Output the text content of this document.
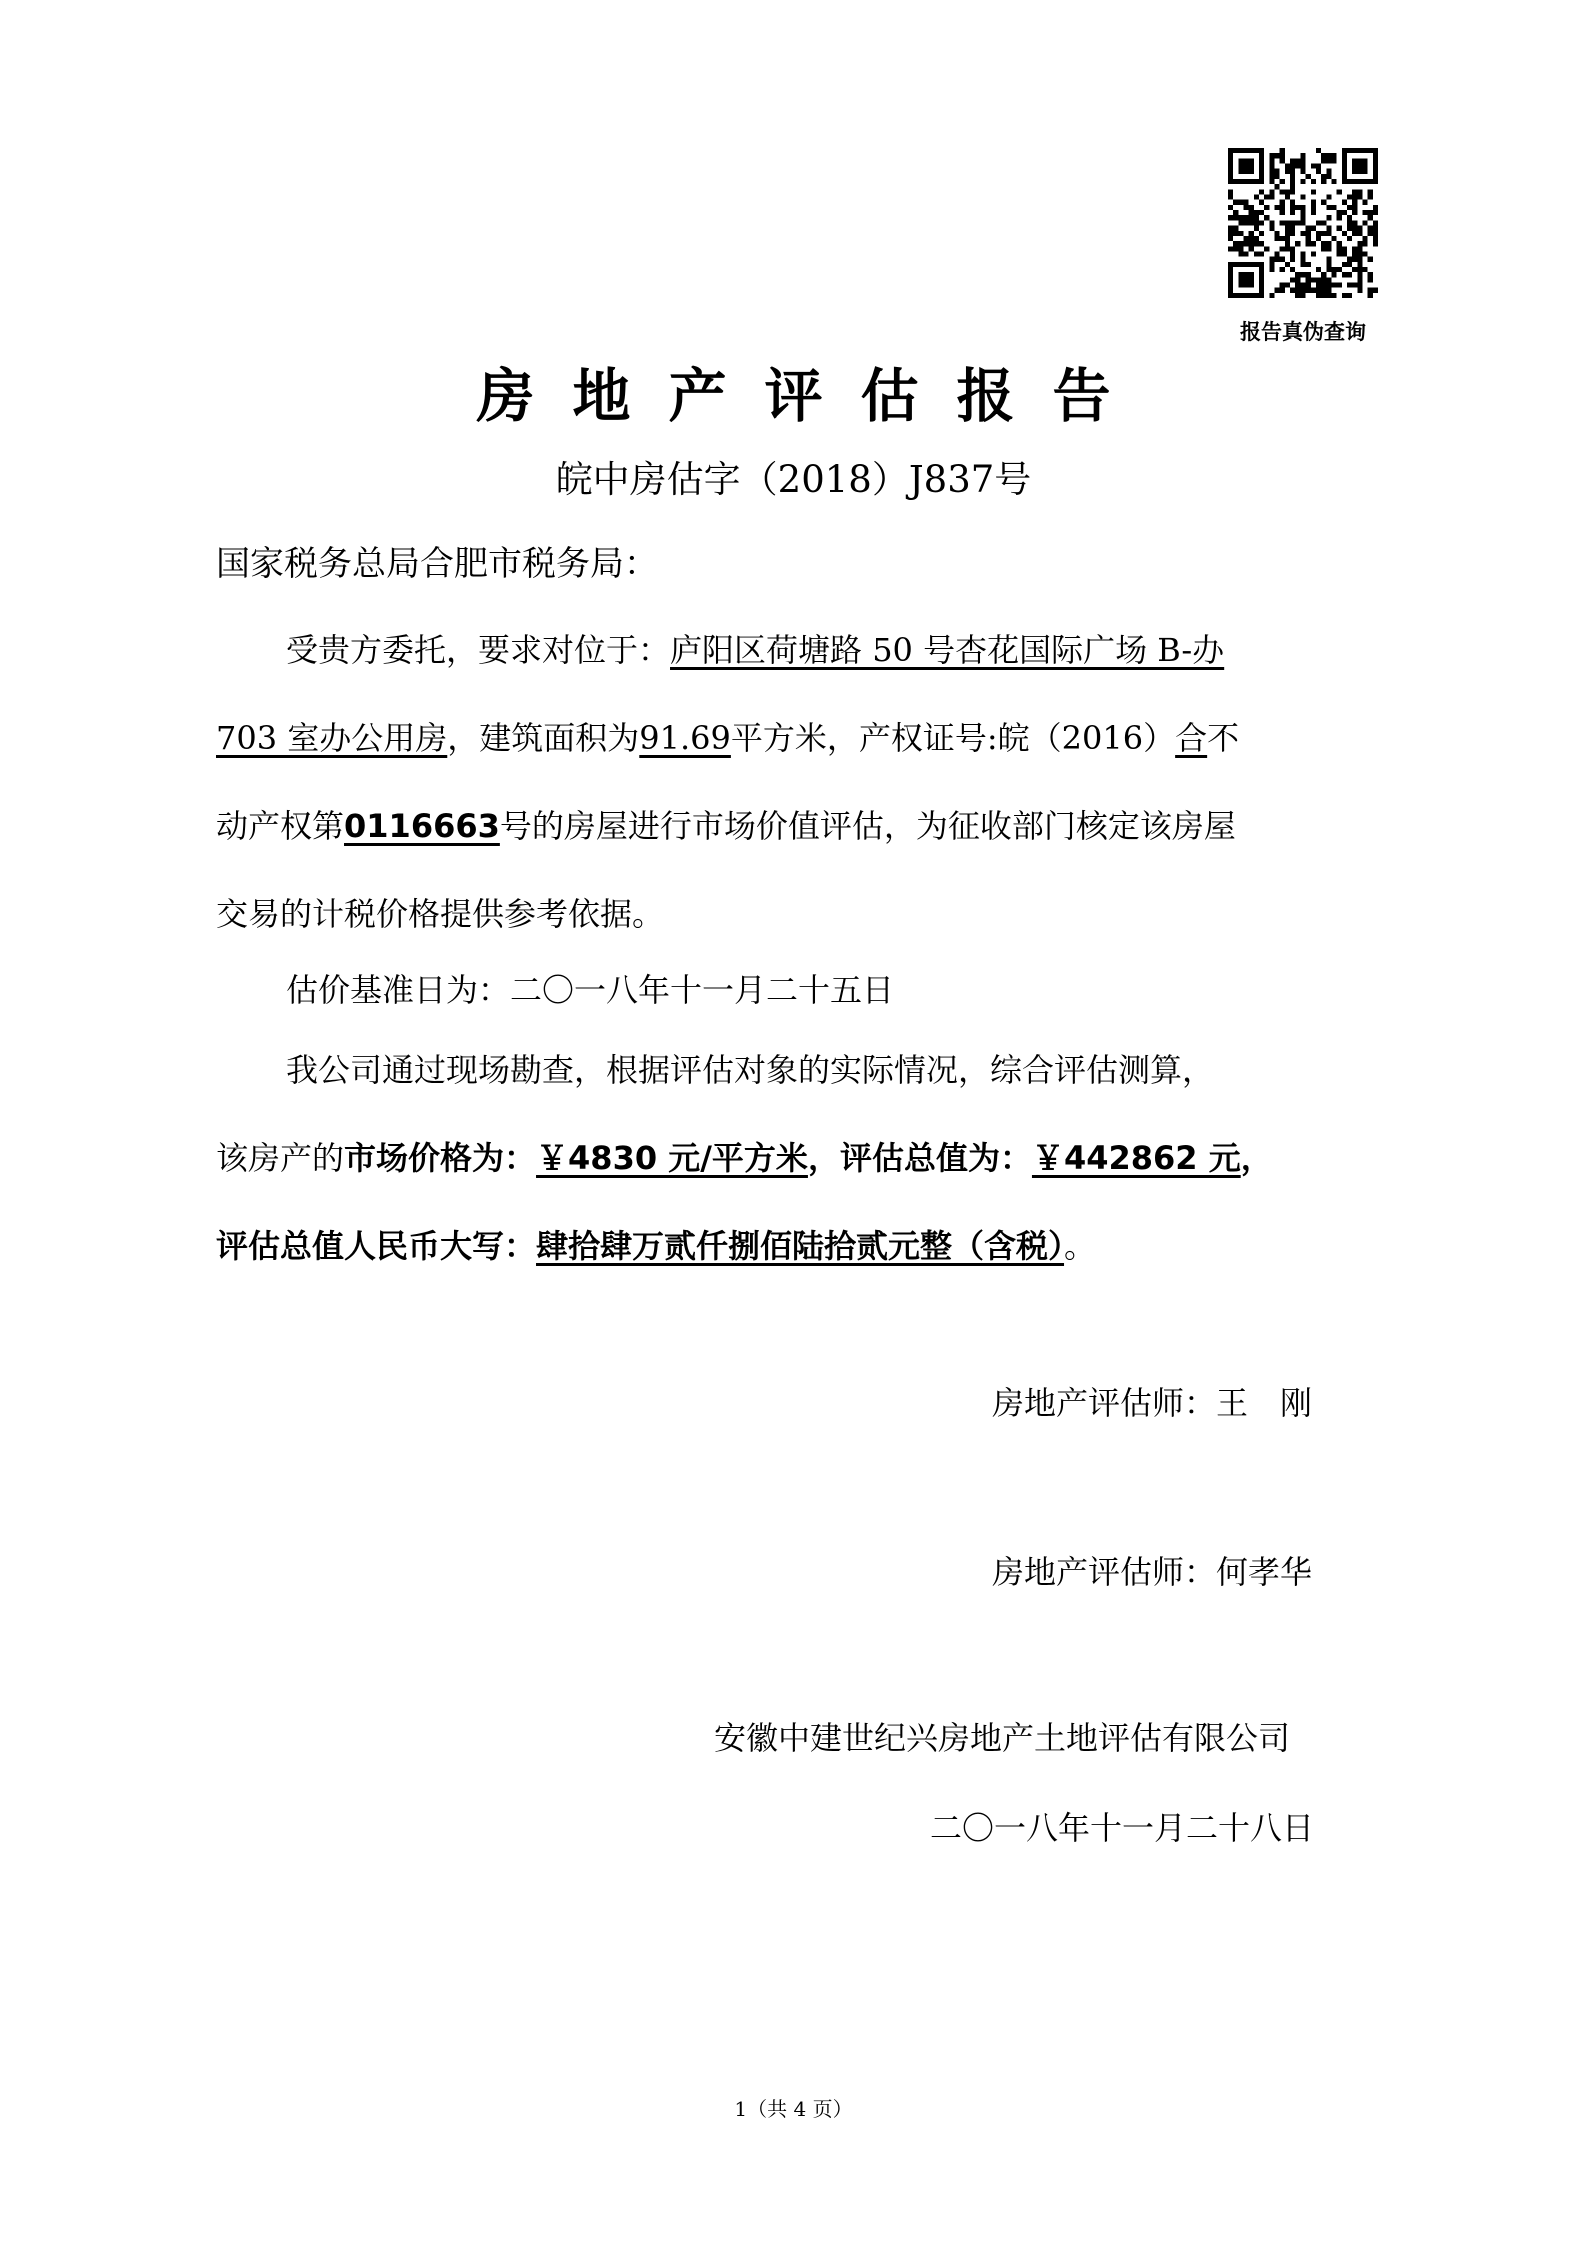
报告真伪查询
房地产评估报告
皖中房估字（2018）J837号
国家税务总局合肥市税务局：
受贵方委托，要求对位于：庐阳区荷塘路 50 号杏花国际广场 B-办
703 室办公用房，建筑面积为91.69平方米，产权证号:皖（2016）合不
动产权第0116663号的房屋进行市场价值评估，为征收部门核定该房屋
交易的计税价格提供参考依据。
估价基准日为：二〇一八年十一月二十五日
我公司通过现场勘查，根据评估对象的实际情况，综合评估测算，
该房产的市场价格为：￥4830 元/平方米，评估总值为：￥442862 元，
评估总值人民币大写：肆拾肆万贰仟捌佰陆拾贰元整（含税）。
房地产评估师：王　刚
房地产评估师：何孝华
安徽中建世纪兴房地产土地评估有限公司
二〇一八年十一月二十八日
1（共 4 页）
